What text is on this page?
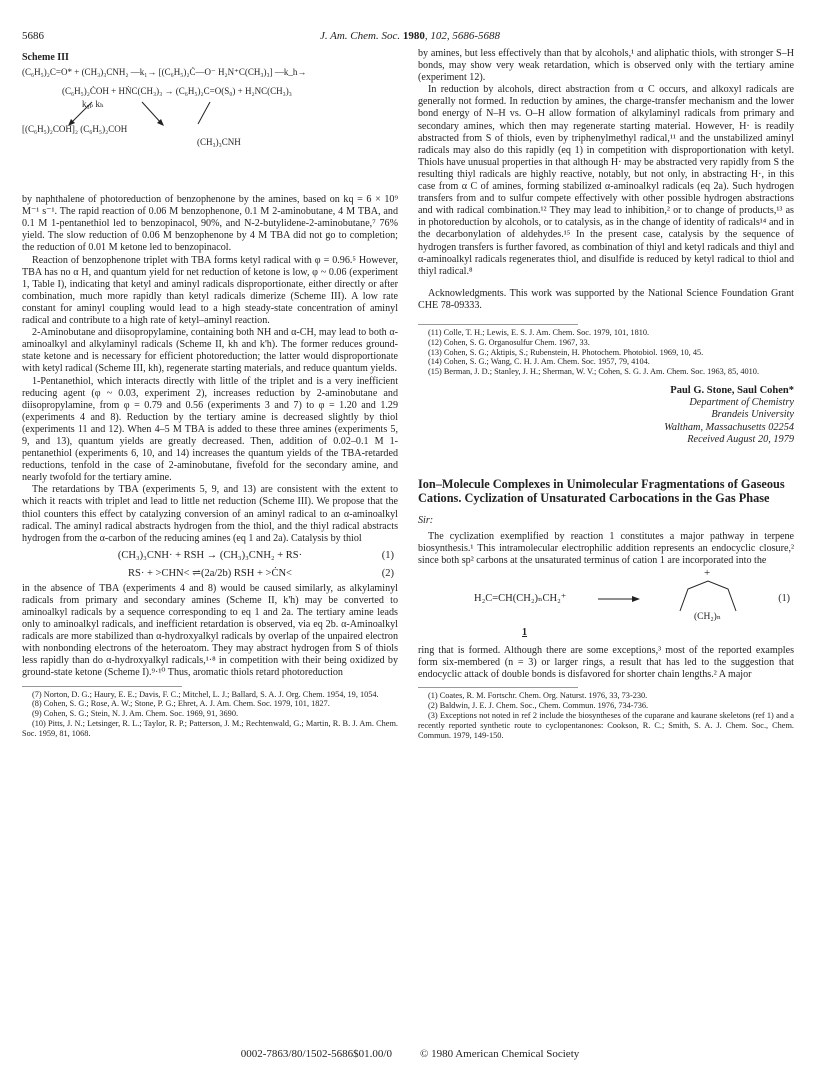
5686	J. Am. Chem. Soc. 1980, 102, 5686-5688
Scheme III
(C₆H₅)₂C=O* + (CH₃)₃CNH₂ —k₁→ [(C₆H₅)₂Ċ—O⁻ H₂N⁺C(CH₃)₃] —k_h→
(C₆H₅)₂ĊOH + HṄC(CH₃)₃ → (C₆H₅)₂C=O(S₀) + H₂NC(CH₃)₃
k₃ₚ kₕ
[(C₆H₅)₂COH]₂ (C₆H₅)₂COH
(CH₃)₃CNH

by naphthalene of photoreduction of benzophenone by the amines, based on kq = 6 × 10⁹ M⁻¹ s⁻¹. The rapid reaction of 0.06 M benzophenone, 0.1 M 2-aminobutane, 4 M TBA, and 0.1 M 1-pentanethiol led to benzopinacol, 90%, and N-2-butylidene-2-aminobutane,⁷ 76% yield. The slow reduction of 0.06 M benzophenone by 4 M TBA did not go to completion; the reduction of 0.01 M ketone led to benzopinacol.

Reaction of benzophenone triplet with TBA forms ketyl radical with φ = 0.96.⁵ However, TBA has no α H, and quantum yield for net reduction of ketone is low, φ ~ 0.06 (experiment 1, Table I), indicating that ketyl and aminyl radicals disproportionate, either directly or after combination, much more rapidly than ketyl radicals dimerize (Scheme III). A low rate constant for aminyl coupling would lead to a high steady-state concentration of aminyl radical and contribute to a high rate of ketyl–aminyl reaction.

2-Aminobutane and diisopropylamine, containing both NH and α-CH, may lead to both α-aminoalkyl and alkylaminyl radicals (Scheme II, kh and k'h). The former reduces ground-state ketone and is necessary for efficient photoreduction; the latter would disproportionate with ketyl radical (Scheme III, kh), regenerate starting materials, and reduce quantum yields.

1-Pentanethiol, which interacts directly with little of the triplet and is a very inefficient reducing agent (φ ~ 0.03, experiment 2), increases reduction by 2-aminobutane and diisopropylamine, from φ = 0.79 and 0.56 (experiments 3 and 7) to φ = 1.20 and 1.29 (experiments 4 and 8). Reduction by the tertiary amine is decreased slightly by thiol (experiments 11 and 12). When 4–5 M TBA is added to these three amines (experiments 5, 9, and 13), quantum yields are greatly decreased. Then, addition of 0.02–0.1 M 1-pentanethiol (experiments 6, 10, and 14) increases the quantum yields of the TBA-retarded reductions, tenfold in the case of 2-aminobutane, fivefold for the secondary amine, and nearly twofold for the tertiary amine.

The retardations by TBA (experiments 5, 9, and 13) are consistent with the extent to which it reacts with triplet and lead to little net reduction (Scheme III). We propose that the thiol counters this effect by catalyzing conversion of an aminyl radical to an α-aminoalkyl radical. The aminyl radical abstracts hydrogen from the thiol, and the thiyl radical abstracts hydrogen from the α-carbon of the reducing amines (eq 1 and 2a). Catalysis by thiol

(CH₃)₃CNH· + RSH → (CH₃)₃CNH₂ + RS·	(1)
RS· + >CHN< ⇌(2a/2b) RSH + >ĊN<	(2)

in the absence of TBA (experiments 4 and 8) would be caused similarly, as alkylaminyl radicals from primary and secondary amines (Scheme II, k'h) may be converted to aminoalkyl radicals by a sequence corresponding to eq 1 and 2a. The tertiary amine leads only to aminoalkyl radicals, and inefficient retardation is observed, via eq 2b. α-Aminoalkyl radicals are more stabilized than α-hydroxyalkyl radicals by overlap of the unpaired electron with nonbonding electrons of the heteroatom. They may abstract hydrogen from S of thiols less rapidly than do α-hydroxyalkyl radicals,¹·⁸ in competition with their being oxidized by ground-state ketone (Scheme I).⁹·¹⁰ Thus, aromatic thiols retard photoreduction

(7) Norton, D. G.; Haury, E. E.; Davis, F. C.; Mitchel, L. J.; Ballard, S. A. J. Org. Chem. 1954, 19, 1054.
(8) Cohen, S. G.; Rose, A. W.; Stone, P. G.; Ehret, A. J. Am. Chem. Soc. 1979, 101, 1827.
(9) Cohen, S. G.; Stein, N. J. Am. Chem. Soc. 1969, 91, 3690.
(10) Pitts, J. N.; Letsinger, R. L.; Taylor, R. P.; Patterson, J. M.; Rechtenwald, G.; Martin, R. B. J. Am. Chem. Soc. 1959, 81, 1068.

by amines, but less effectively than that by alcohols,¹ and aliphatic thiols, with stronger S–H bonds, may show very weak retardation, which is observed only with the tertiary amine (experiment 12).

In reduction by alcohols, direct abstraction from α C occurs, and alkoxyl radicals are generally not formed. In reduction by amines, the charge-transfer mechanism and the lower bond energy of N–H vs. O–H allow formation of alkylaminyl radicals from primary and secondary amines, which then may regenerate starting material. However, H· is readily abstracted from S of thiols, even by triphenylmethyl radical,¹¹ and the unstabilized aminyl radicals may also do this rapidly (eq 1) in competition with disproportionation with ketyl. Thiols have unusual properties in that although H· may be abstracted very rapidly from S the resulting thiyl radicals are highly reactive, notably, but not only, in abstracting H·, in this case from α C of amines, forming stabilized α-aminoalkyl radicals (eq 2a). Such hydrogen transfers from and to sulfur compete effectively with other possible hydrogen abstractions and with radical combination.¹² They may lead to inhibition,² or to change of products,¹³ as in photoreduction by alcohols, or to catalysis, as in the change of identity of radicals¹⁴ and in the decarbonylation of aldehydes.¹⁵ In the present case, catalysis by the sequence of hydrogen transfers is further favored, as combination of thiyl and ketyl radicals and thiyl and α-aminoalkyl radicals regenerates thiol, and disulfide is reduced by ketyl radical to thiol and thiyl radical.⁸

Acknowledgments. This work was supported by the National Science Foundation Grant CHE 78-09333.

(11) Colle, T. H.; Lewis, E. S. J. Am. Chem. Soc. 1979, 101, 1810.
(12) Cohen, S. G. Organosulfur Chem. 1967, 33.
(13) Cohen, S. G.; Aktipis, S.; Rubenstein, H. Photochem. Photobiol. 1969, 10, 45.
(14) Cohen, S. G.; Wang, C. H. J. Am. Chem. Soc. 1957, 79, 4104.
(15) Berman, J. D.; Stanley, J. H.; Sherman, W. V.; Cohen, S. G. J. Am. Chem. Soc. 1963, 85, 4010.
Paul G. Stone, Saul Cohen*
Department of Chemistry
Brandeis University
Waltham, Massachusetts 02254
Received August 20, 1979
Ion–Molecule Complexes in Unimolecular Fragmentations of Gaseous Cations. Cyclization of Unsaturated Carbocations in the Gas Phase
Sir:

The cyclization exemplified by reaction 1 constitutes a major pathway in terpene biosynthesis.¹ This intramolecular electrophilic addition represents an endocyclic closure,² since both sp² carbons at the unsaturated terminus of cation 1 are incorporated into the

H₂C=CH(CH₂)ₙCH₂⁺
+
(CH₂)ₙ
(1)
1

ring that is formed. Although there are some exceptions,³ most of the reported examples form six-membered (n = 3) or larger rings, a result that has led to the suggestion that endocyclic attack of double bonds is disfavored for shorter chain lengths.² A major

(1) Coates, R. M. Fortschr. Chem. Org. Naturst. 1976, 33, 73-230.
(2) Baldwin, J. E. J. Chem. Soc., Chem. Commun. 1976, 734-736.
(3) Exceptions not noted in ref 2 include the biosyntheses of the cuparane and kaurane skeletons (ref 1) and a recently reported synthetic route to cyclopentanones: Cookson, R. C.; Smith, S. A. J. Chem. Soc., Chem. Commun. 1979, 149-150.
0002-7863/80/1502-5686$01.00/0	© 1980 American Chemical Society
